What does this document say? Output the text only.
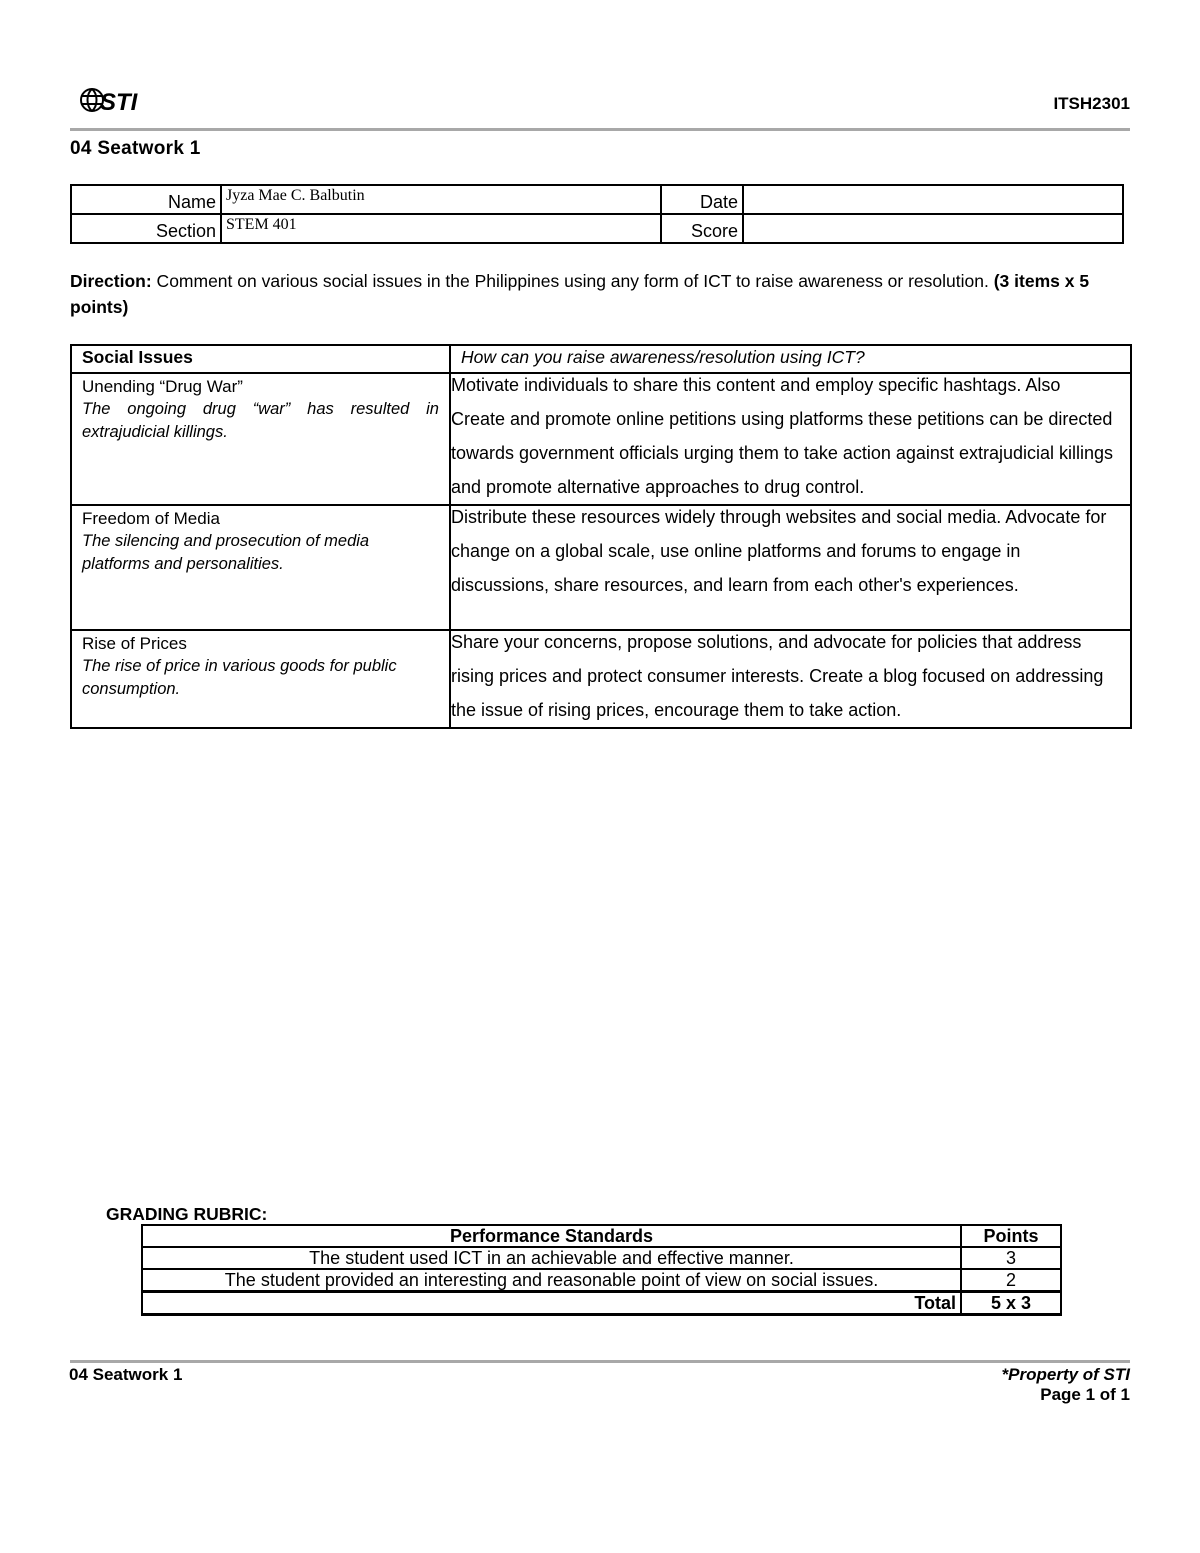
STI	ITSH2301
04 Seatwork 1
Name	Jyza Mae C. Balbutin	Date	
Section	STEM 401	Score	
Direction: Comment on various social issues in the Philippines using any form of ICT to raise awareness or resolution. (3 items x 5 points)
Social Issues	How can you raise awareness/resolution using ICT?

Unending “Drug War”
The ongoing drug “war” has resulted in extrajudicial killings.	Motivate individuals to share this content and employ specific hashtags. Also Create and promote online petitions using platforms these petitions can be directed towards government officials urging them to take action against extrajudicial killings and promote alternative approaches to drug control.

Freedom of Media
The silencing and prosecution of media platforms and personalities.	Distribute these resources widely through websites and social media. Advocate for change on a global scale, use online platforms and forums to engage in discussions, share resources, and learn from each other's experiences.

Rise of Prices
The rise of price in various goods for public consumption.	Share your concerns, propose solutions, and advocate for policies that address rising prices and protect consumer interests. Create a blog focused on addressing the issue of rising prices, encourage them to take action.
GRADING RUBRIC:
Performance Standards	Points
The student used ICT in an achievable and effective manner.	3
The student provided an interesting and reasonable point of view on social issues.	2
Total	5 x 3
04 Seatwork 1	*Property of STI
Page 1 of 1
